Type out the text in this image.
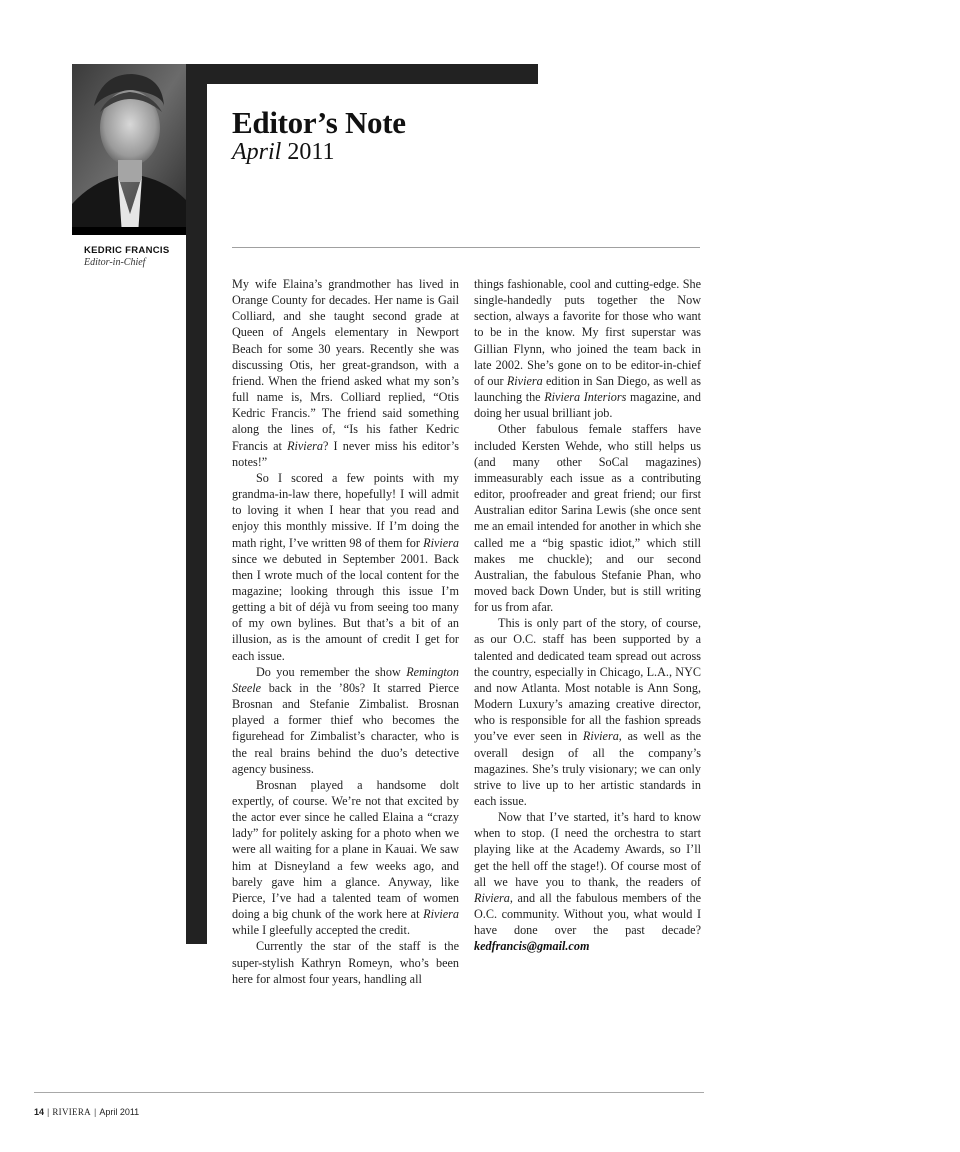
KEDRIC FRANCIS
Editor-in-Chief
Editor’s Note
April 2011

My wife Elaina’s grandmother has lived in Orange County for decades. Her name is Gail Colliard, and she taught second grade at Queen of Angels elementary in Newport Beach for some 30 years. Recently she was discussing Otis, her great-grandson, with a friend. When the friend asked what my son’s full name is, Mrs. Colliard replied, “Otis Kedric Francis.” The friend said something along the lines of, “Is his father Kedric Francis at Riviera? I never miss his editor’s notes!”

So I scored a few points with my grandma-in-law there, hopefully! I will admit to loving it when I hear that you read and enjoy this monthly missive. If I’m doing the math right, I’ve written 98 of them for Riviera since we debuted in September 2001. Back then I wrote much of the local content for the magazine; looking through this issue I’m getting a bit of déjà vu from seeing too many of my own bylines. But that’s a bit of an illusion, as is the amount of credit I get for each issue.

Do you remember the show Remington Steele back in the ’80s? It starred Pierce Brosnan and Stefanie Zimbalist. Brosnan played a former thief who becomes the figurehead for Zimbalist’s character, who is the real brains behind the duo’s detective agency business.

Brosnan played a handsome dolt expertly, of course. We’re not that excited by the actor ever since he called Elaina a “crazy lady” for politely asking for a photo when we were all waiting for a plane in Kauai. We saw him at Disneyland a few weeks ago, and barely gave him a glance. Anyway, like Pierce, I’ve had a talented team of women doing a big chunk of the work here at Riviera while I gleefully accepted the credit.

Currently the star of the staff is the super-stylish Kathryn Romeyn, who’s been here for almost four years, handling all

things fashionable, cool and cutting-edge. She single-handedly puts together the Now section, always a favorite for those who want to be in the know. My first superstar was Gillian Flynn, who joined the team back in late 2002. She’s gone on to be editor-in-chief of our Riviera edition in San Diego, as well as launching the Riviera Interiors magazine, and doing her usual brilliant job.

Other fabulous female staffers have included Kersten Wehde, who still helps us (and many other SoCal magazines) immeasurably each issue as a contributing editor, proofreader and great friend; our first Australian editor Sarina Lewis (she once sent me an email intended for another in which she called me a “big spastic idiot,” which still makes me chuckle); and our second Australian, the fabulous Stefanie Phan, who moved back Down Under, but is still writing for us from afar.

This is only part of the story, of course, as our O.C. staff has been supported by a talented and dedicated team spread out across the country, especially in Chicago, L.A., NYC and now Atlanta. Most notable is Ann Song, Modern Luxury’s amazing creative director, who is responsible for all the fashion spreads you’ve ever seen in Riviera, as well as the overall design of all the company’s magazines. She’s truly visionary; we can only strive to live up to her artistic standards in each issue.

Now that I’ve started, it’s hard to know when to stop. (I need the orchestra to start playing like at the Academy Awards, so I’ll get the hell off the stage!). Of course most of all we have you to thank, the readers of Riviera, and all the fabulous members of the O.C. community. Without you, what would I have done over the past decade? kedfrancis@gmail.com

14 | RIVIERA | April 2011
